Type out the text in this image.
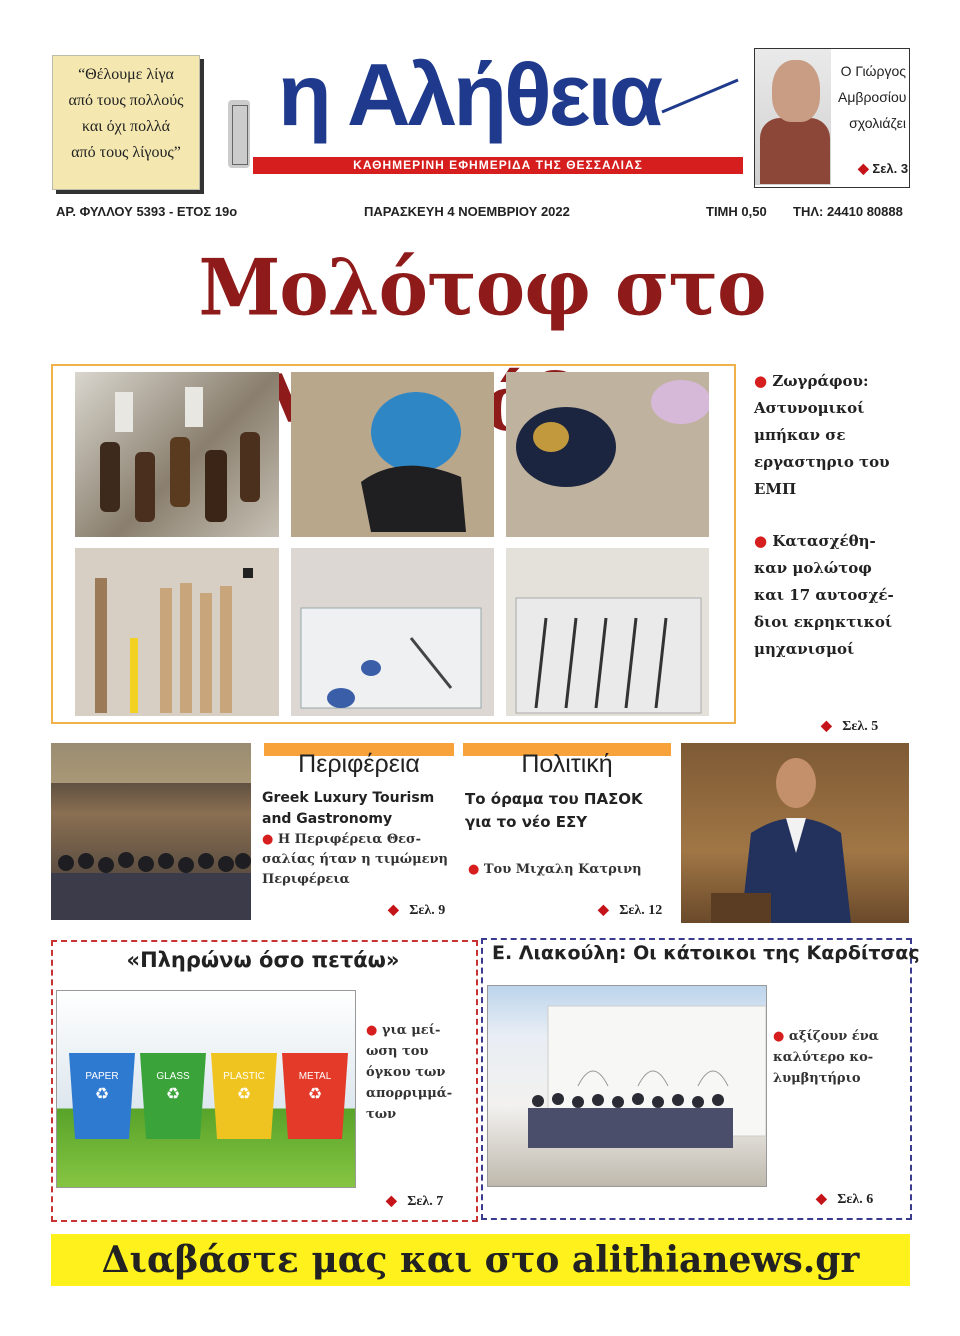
“Θέλουμε λίγα
από τους πολλούς
και όχι πολλά
από τους λίγους”
η Αλήθεια
ΚΑΘΗΜΕΡΙΝΗ ΕΦΗΜΕΡΙΔΑ ΤΗΣ ΘΕΣΣΑΛΙΑΣ
Ο Γιώργος
Αμβροσίου
σχολιάζει
◆ Σελ. 3
ΑΡ. ΦΥΛΛΟΥ 5393 - ΕΤΟΣ 19ο	ΠΑΡΑΣΚΕΥΗ 4 ΝΟΕΜΒΡΙΟΥ 2022	ΤΙΜΗ 0,50 ΤΗΛ: 24410 80888
Μολότοφ στο
● Ζωγράφου:
Αστυνομικοί
μπήκαν σε
εργαστηριο του
ΕΜΠ
● Κατασχέθη-
καν μολώτοφ
και 17 αυτοσχέ-
διοι εκρηκτικοί
μηχανισμοί
◆ Σελ. 5
Περιφέρεια
Greek Luxury Tourism
and Gastronomy
● Η Περιφέρεια Θεσ-
σαλίας ήταν η τιμώμενη
Περιφέρεια
◆ Σελ. 9
Πολιτική
Το όραμα του ΠΑΣΟΚ
για το νέο ΕΣΥ
● Του Μιχαλη Κατρινη
◆ Σελ. 12
«Πληρώνω όσο πετάω»
PAPER	GLASS	PLASTIC	METAL
♻	♻	♻	♻
● για μεί-
ωση του
όγκου των
απορριμμά-
των
◆ Σελ. 7
Ε. Λιακούλη: Οι κάτοικοι της Καρδίτσας
● αξίζουν ένα
καλύτερο κο-
λυμβητήριο
◆ Σελ. 6
Διαβάστε μας και στο alithianews.gr
